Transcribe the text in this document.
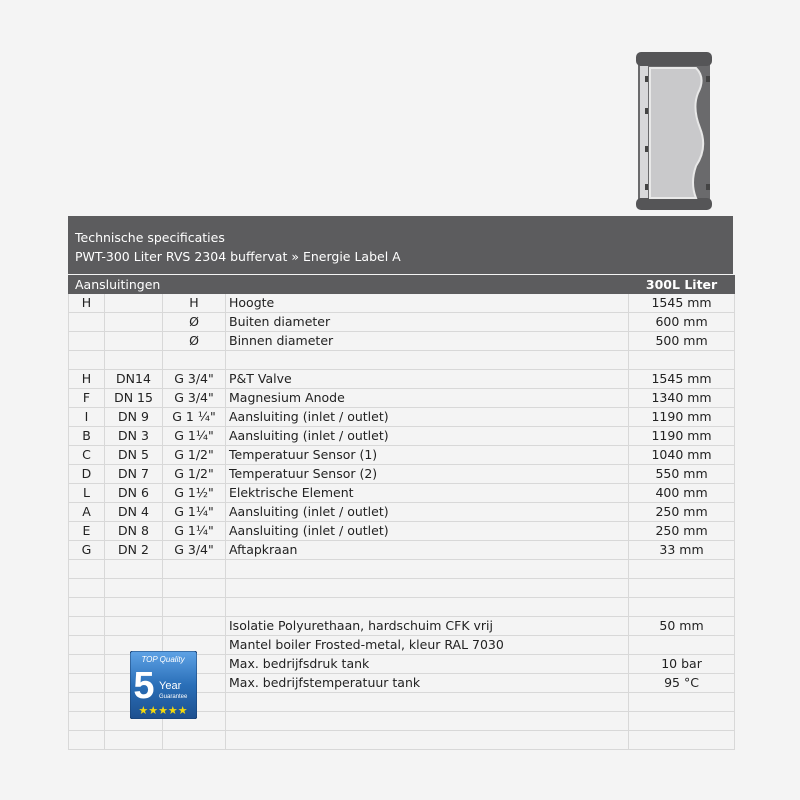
Technische specificaties
PWT-300 Liter RVS 2304 buffervat » Energie Label A
Aansluitingen				300L Liter
H		H	Hoogte	1545 mm
		Ø	Buiten diameter	600 mm
		Ø	Binnen diameter	500 mm

H	DN14	G 3/4"	P&T Valve	1545 mm
F	DN 15	G 3/4"	Magnesium Anode	1340 mm
I	DN 9	G 1 ¼"	Aansluiting (inlet / outlet)	1190 mm
B	DN 3	G 1¼"	Aansluiting (inlet / outlet)	1190 mm
C	DN 5	G 1/2"	Temperatuur Sensor (1)	1040 mm
D	DN 7	G 1/2"	Temperatuur Sensor (2)	550 mm
L	DN 6	G 1½"	Elektrische Element	400 mm
A	DN 4	G 1¼"	Aansluiting (inlet / outlet)	250 mm
E	DN 8	G 1¼"	Aansluiting (inlet / outlet)	250 mm
G	DN 2	G 3/4"	Aftapkraan	33 mm

			Isolatie Polyurethaan, hardschuim CFK vrij	50 mm
			Mantel boiler Frosted-metal, kleur RAL 7030	
			Max. bedrijfsdruk tank	10 bar
			Max. bedrijfstemperatuur tank	95 °C

TOP Quality
5 Year
Guarantee
★★★★★
